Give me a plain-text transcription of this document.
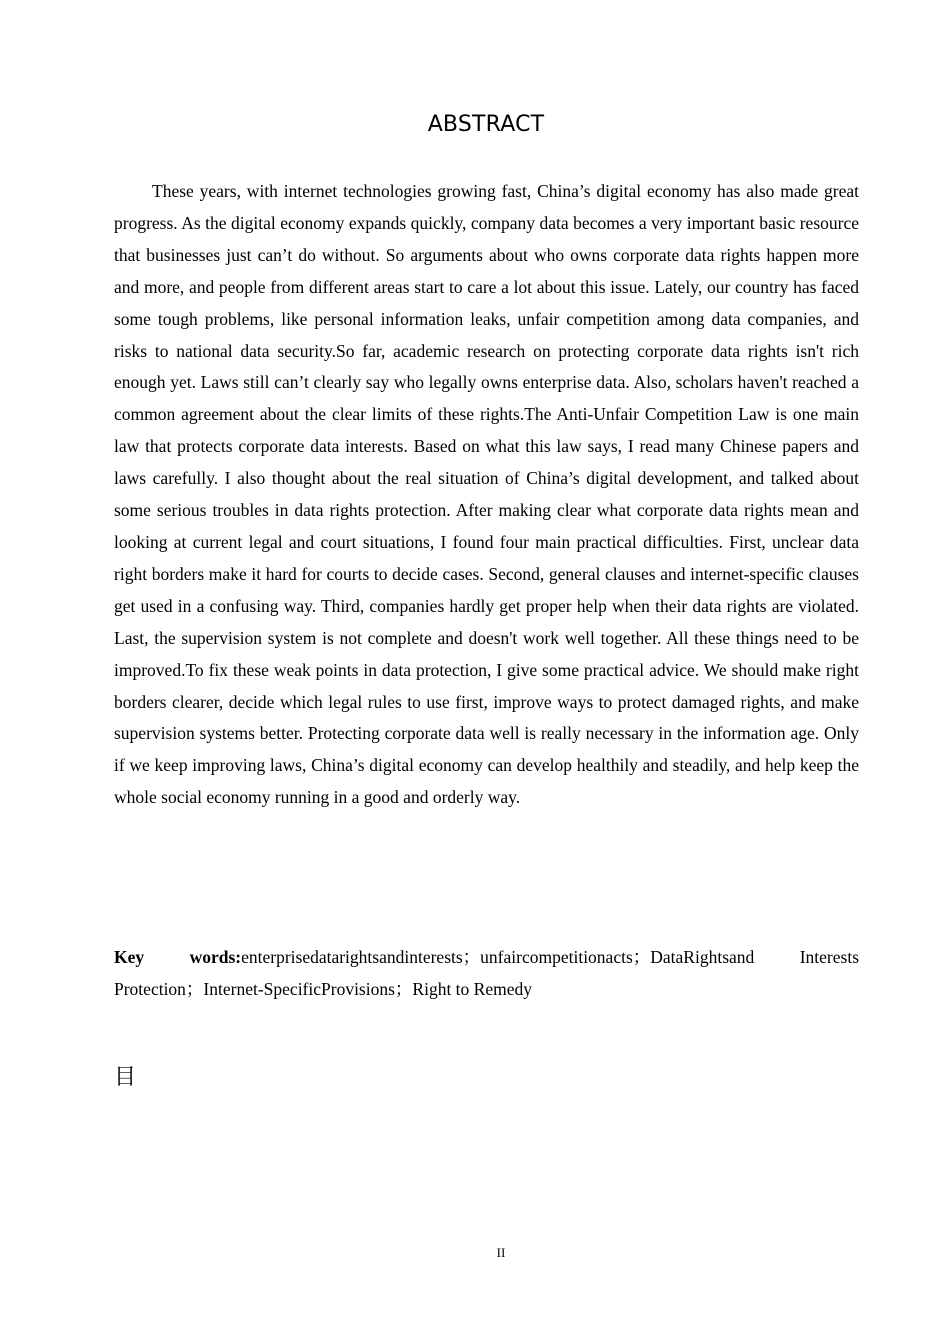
ABSTRACT

These years, with internet technologies growing fast, China’s digital economy has also made great progress. As the digital economy expands quickly, company data becomes a very important basic resource that businesses just can’t do without. So arguments about who owns corporate data rights happen more and more, and people from different areas start to care a lot about this issue. Lately, our country has faced some tough problems, like personal information leaks, unfair competition among data companies, and risks to national data security.So far, academic research on protecting corporate data rights isn't rich enough yet. Laws still can’t clearly say who legally owns enterprise data. Also, scholars haven't reached a common agreement about the clear limits of these rights.The Anti-Unfair Competition Law is one main law that protects corporate data interests. Based on what this law says, I read many Chinese papers and laws carefully. I also thought about the real situation of China’s digital development, and talked about some serious troubles in data rights protection. After making clear what corporate data rights mean and looking at current legal and court situations, I found four main practical difficulties. First, unclear data right borders make it hard for courts to decide cases. Second, general clauses and internet-specific clauses get used in a confusing way. Third, companies hardly get proper help when their data rights are violated. Last, the supervision system is not complete and doesn't work well together. All these things need to be improved.To fix these weak points in data protection, I give some practical advice. We should make right borders clearer, decide which legal rules to use first, improve ways to protect damaged rights, and make supervision systems better. Protecting corporate data well is really necessary in the information age. Only if we keep improving laws, China’s digital economy can develop healthily and steadily, and help keep the whole social economy running in a good and orderly way.

Key words:enterprisedatarightsandinterests；unfaircompetitionacts；DataRightsand Interests Protection；Internet-SpecificProvisions；Right to Remedy

目
II
